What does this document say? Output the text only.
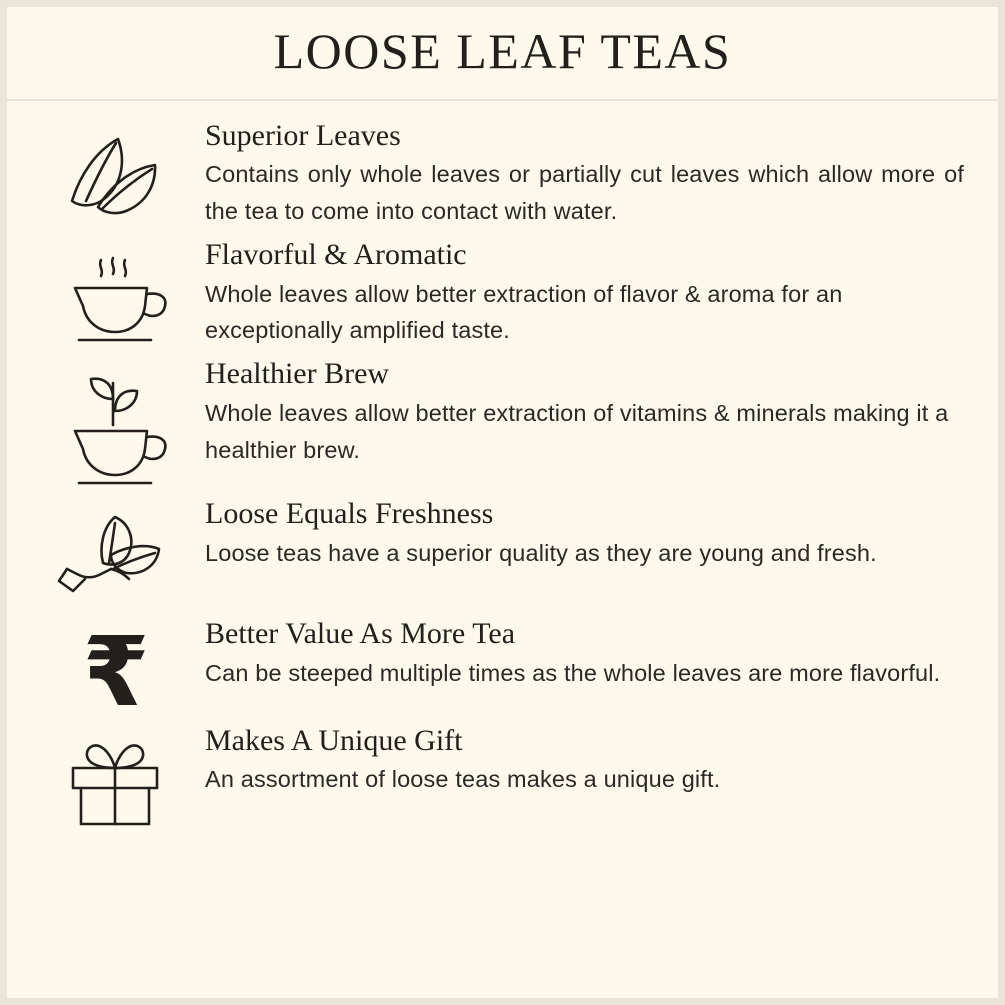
LOOSE LEAF TEAS
Superior Leaves
Contains only whole leaves or partially cut leaves which allow more of the tea to come into contact with water.
Flavorful & Aromatic
Whole leaves allow better extraction of flavor & aroma for an exceptionally amplified taste.
Healthier Brew
Whole leaves allow better extraction of vitamins & minerals making it a healthier brew.
Loose Equals Freshness
Loose teas have a superior quality as they are young and fresh.
₹ Better Value As More Tea
Can be steeped multiple times as the whole leaves are more flavorful.
Makes A Unique Gift
An assortment of loose teas makes a unique gift.
